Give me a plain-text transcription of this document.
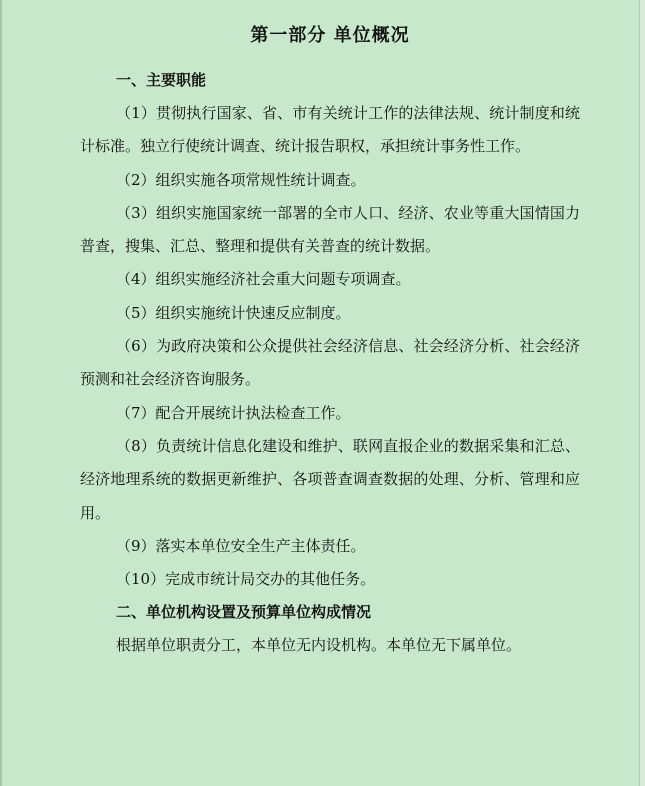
第一部分 单位概况
一、主要职能

（1）贯彻执行国家、省、市有关统计工作的法律法规、统计制度和统计标准。独立行使统计调查、统计报告职权，承担统计事务性工作。

（2）组织实施各项常规性统计调查。

（3）组织实施国家统一部署的全市人口、经济、农业等重大国情国力普查，搜集、汇总、整理和提供有关普查的统计数据。

（4）组织实施经济社会重大问题专项调查。

（5）组织实施统计快速反应制度。

（6）为政府决策和公众提供社会经济信息、社会经济分析、社会经济预测和社会经济咨询服务。

（7）配合开展统计执法检查工作。

（8）负责统计信息化建设和维护、联网直报企业的数据采集和汇总、经济地理系统的数据更新维护、各项普查调查数据的处理、分析、管理和应用。

（9）落实本单位安全生产主体责任。

（10）完成市统计局交办的其他任务。

二、单位机构设置及预算单位构成情况

根据单位职责分工，本单位无内设机构。本单位无下属单位。
